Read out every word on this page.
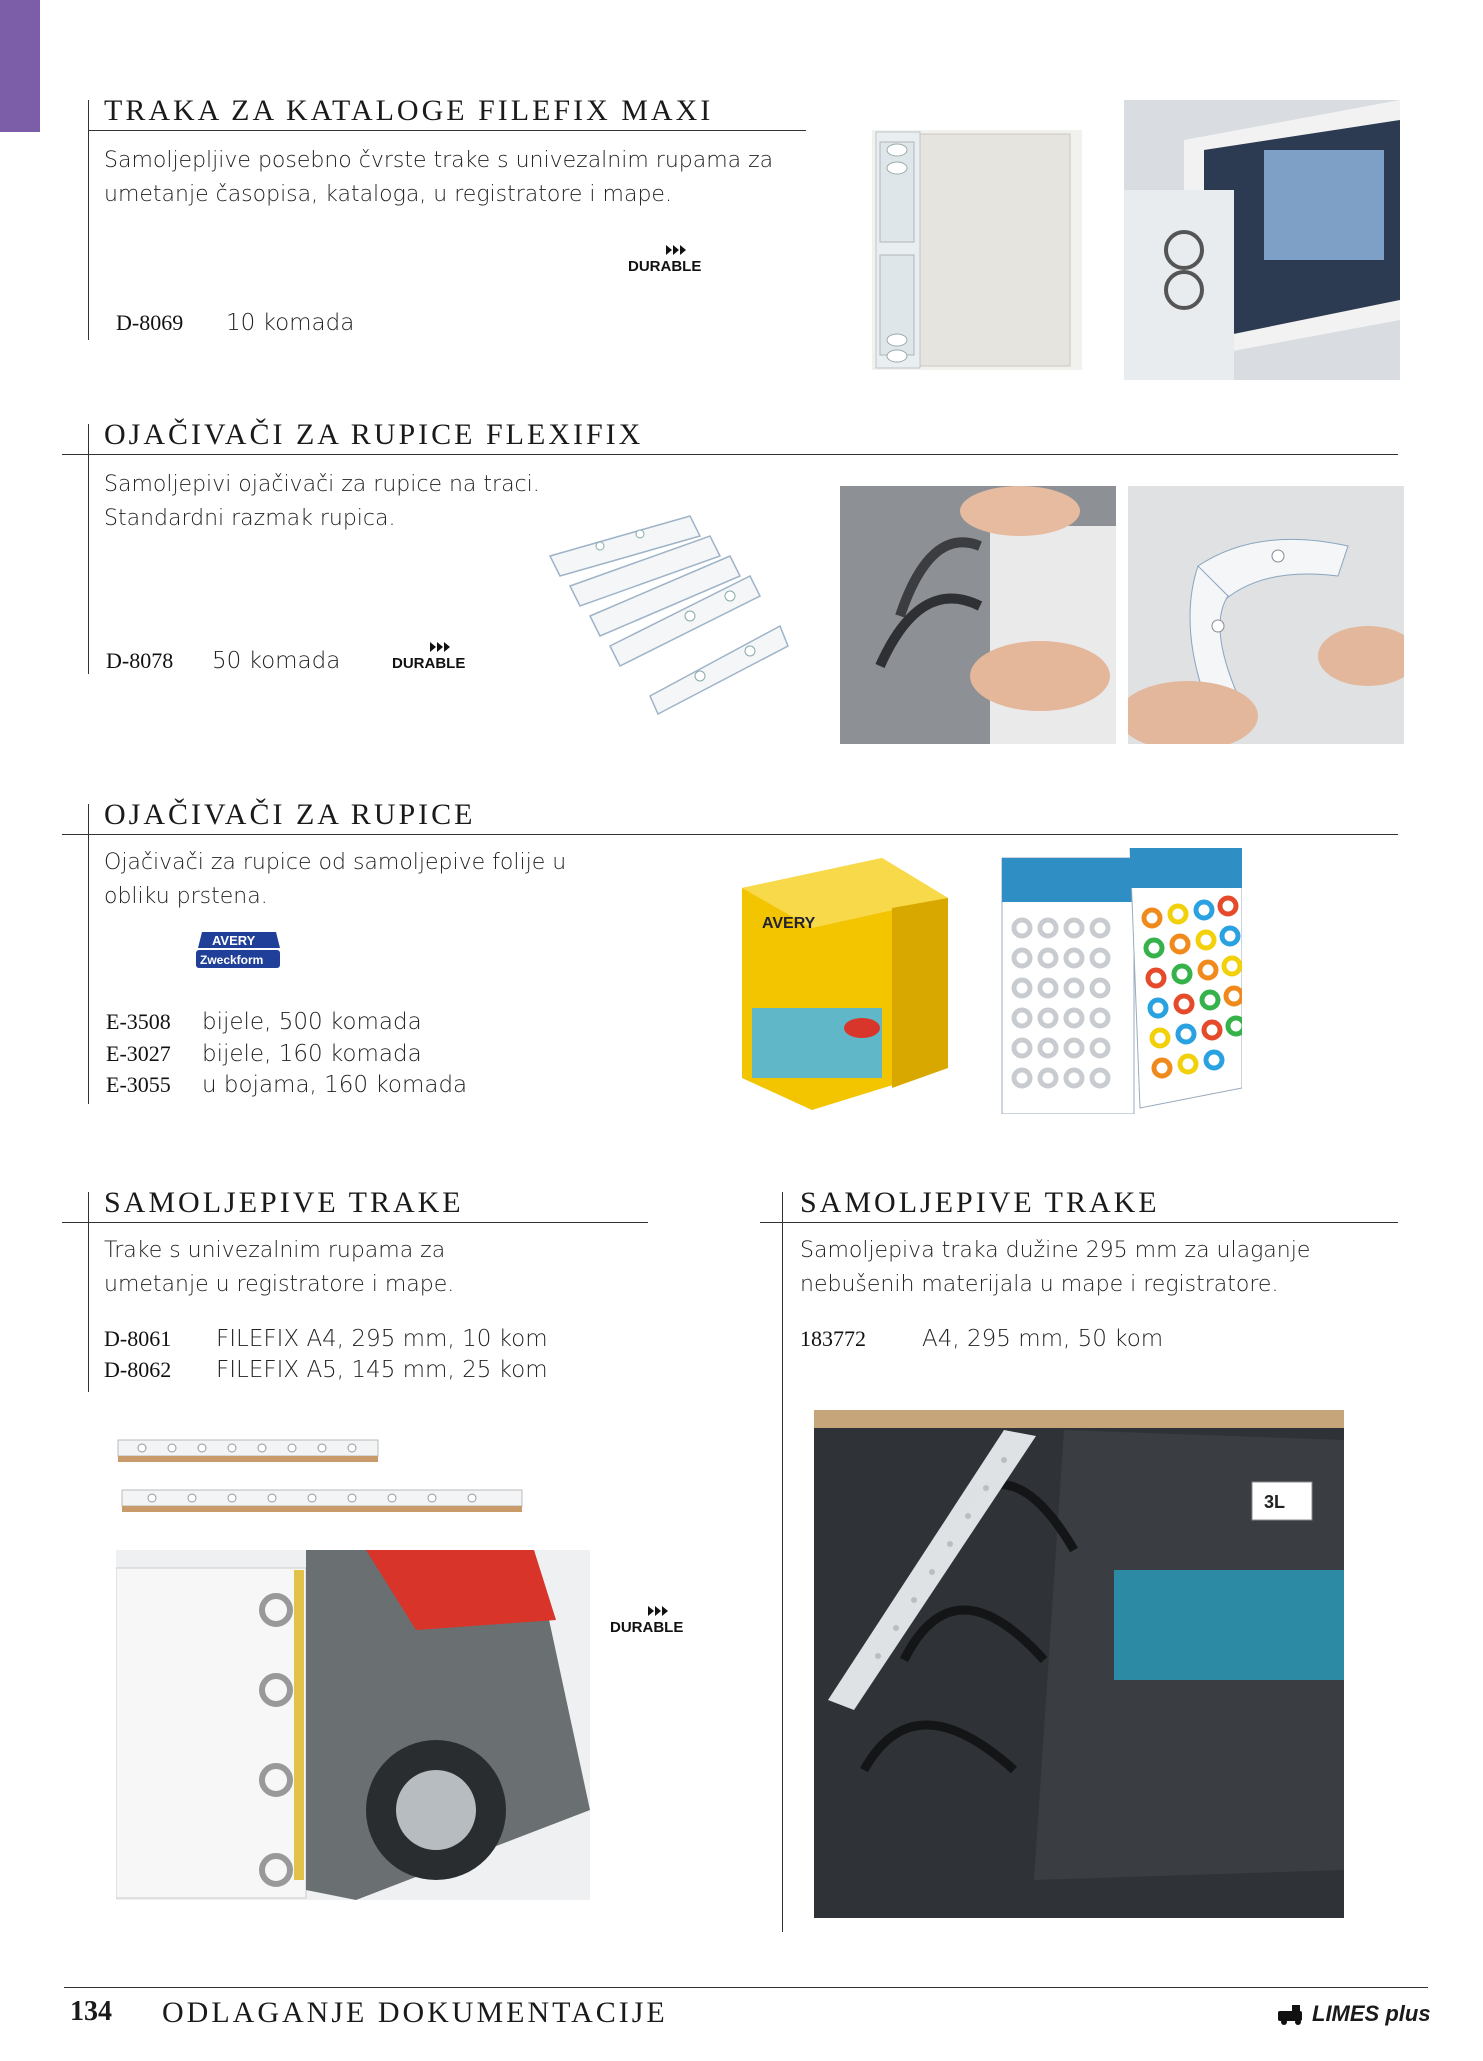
TRAKA ZA KATALOGE FILEFIX MAXI
Samoljepljive posebno čvrste trake s univezalnim rupama za
umetanje časopisa, kataloga, u registratore i mape.
DURABLE
D-8069 10 komada
OJAČIVAČI ZA RUPICE FLEXIFIX
Samoljepivi ojačivači za rupice na traci.
Standardni razmak rupica.
D-8078 50 komada	DURABLE
OJAČIVAČI ZA RUPICE
Ojačivači za rupice od samoljepive folije u
obliku prstena.
AVERY
Zweckform
E-3508 bijele, 500 komada
E-3027 bijele, 160 komada
E-3055 u bojama, 160 komada
AVERY
SAMOLJEPIVE TRAKE
Trake s univezalnim rupama za
umetanje u registratore i mape.
D-8061 FILEFIX A4, 295 mm, 10 kom
D-8062 FILEFIX A5, 145 mm, 25 kom
DURABLE
SAMOLJEPIVE TRAKE
Samoljepiva traka dužine 295 mm za ulaganje
nebušenih materijala u mape i registratore.
183772 A4, 295 mm, 50 kom
3L
134 ODLAGANJE DOKUMENTACIJE	LIMES plus
